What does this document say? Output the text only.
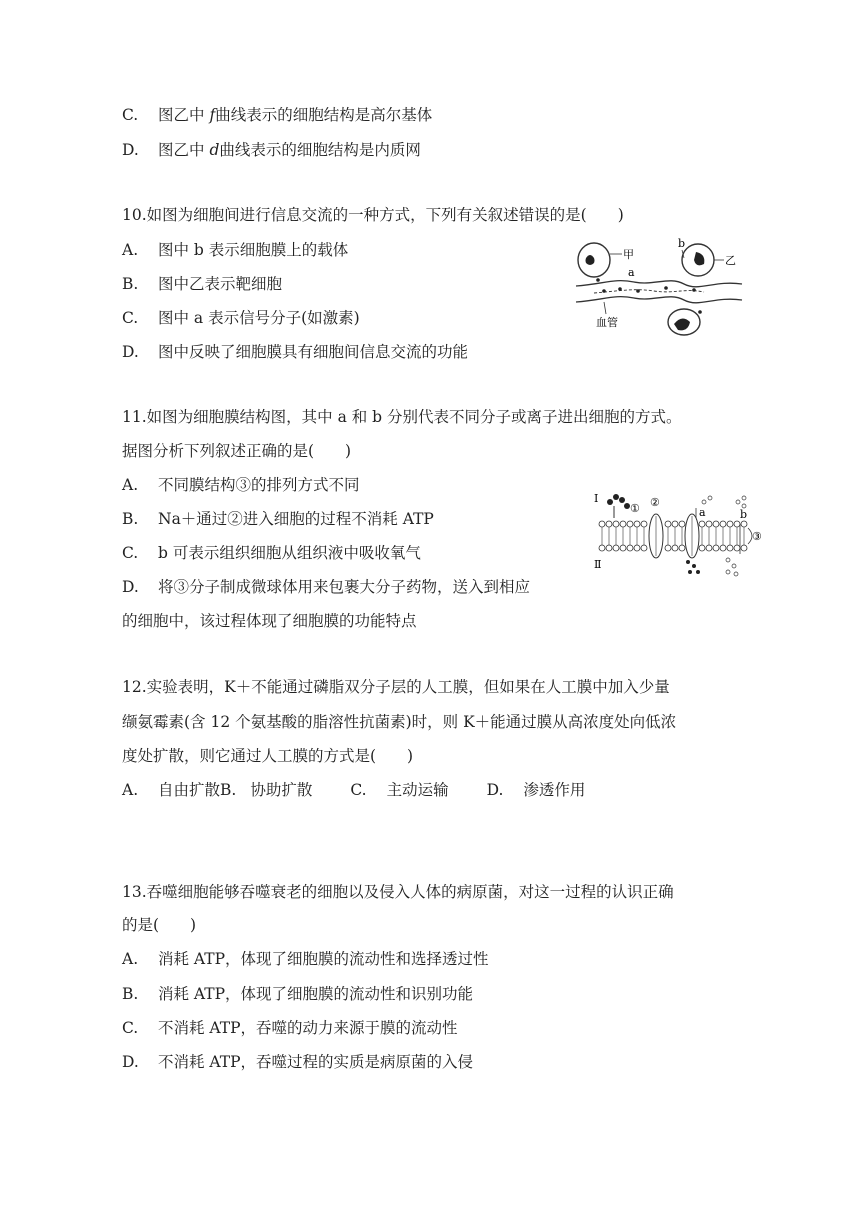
C. 图乙中 f曲线表示的细胞结构是高尔基体
D. 图乙中 d曲线表示的细胞结构是内质网
10.如图为细胞间进行信息交流的一种方式，下列有关叙述错误的是(　　)
A. 图中 b 表示细胞膜上的载体
B. 图中乙表示靶细胞
C. 图中 a 表示信号分子(如激素)
D. 图中反映了细胞膜具有细胞间信息交流的功能
甲
a
b
乙
血管
11.如图为细胞膜结构图，其中 a 和 b 分别代表不同分子或离子进出细胞的方式。
据图分析下列叙述正确的是(　　)
A. 不同膜结构③的排列方式不同
B. Na＋通过②进入细胞的过程不消耗 ATP
C. b 可表示组织细胞从组织液中吸收氧气
D. 将③分子制成微球体用来包裹大分子药物，送入到相应
的细胞中，该过程体现了细胞膜的功能特点
Ⅰ
Ⅱ
① ②
a	b
③
12.实验表明，K＋不能通过磷脂双分子层的人工膜，但如果在人工膜中加入少量
缬氨霉素(含 12 个氨基酸的脂溶性抗菌素)时，则 K＋能通过膜从高浓度处向低浓
度处扩散，则它通过人工膜的方式是(　　)
A. 自由扩散B. 协助扩散 C. 主动运输 D. 渗透作用
13.吞噬细胞能够吞噬衰老的细胞以及侵入人体的病原菌，对这一过程的认识正确
的是(　　)
A. 消耗 ATP，体现了细胞膜的流动性和选择透过性
B. 消耗 ATP，体现了细胞膜的流动性和识别功能
C. 不消耗 ATP，吞噬的动力来源于膜的流动性
D. 不消耗 ATP，吞噬过程的实质是病原菌的入侵
